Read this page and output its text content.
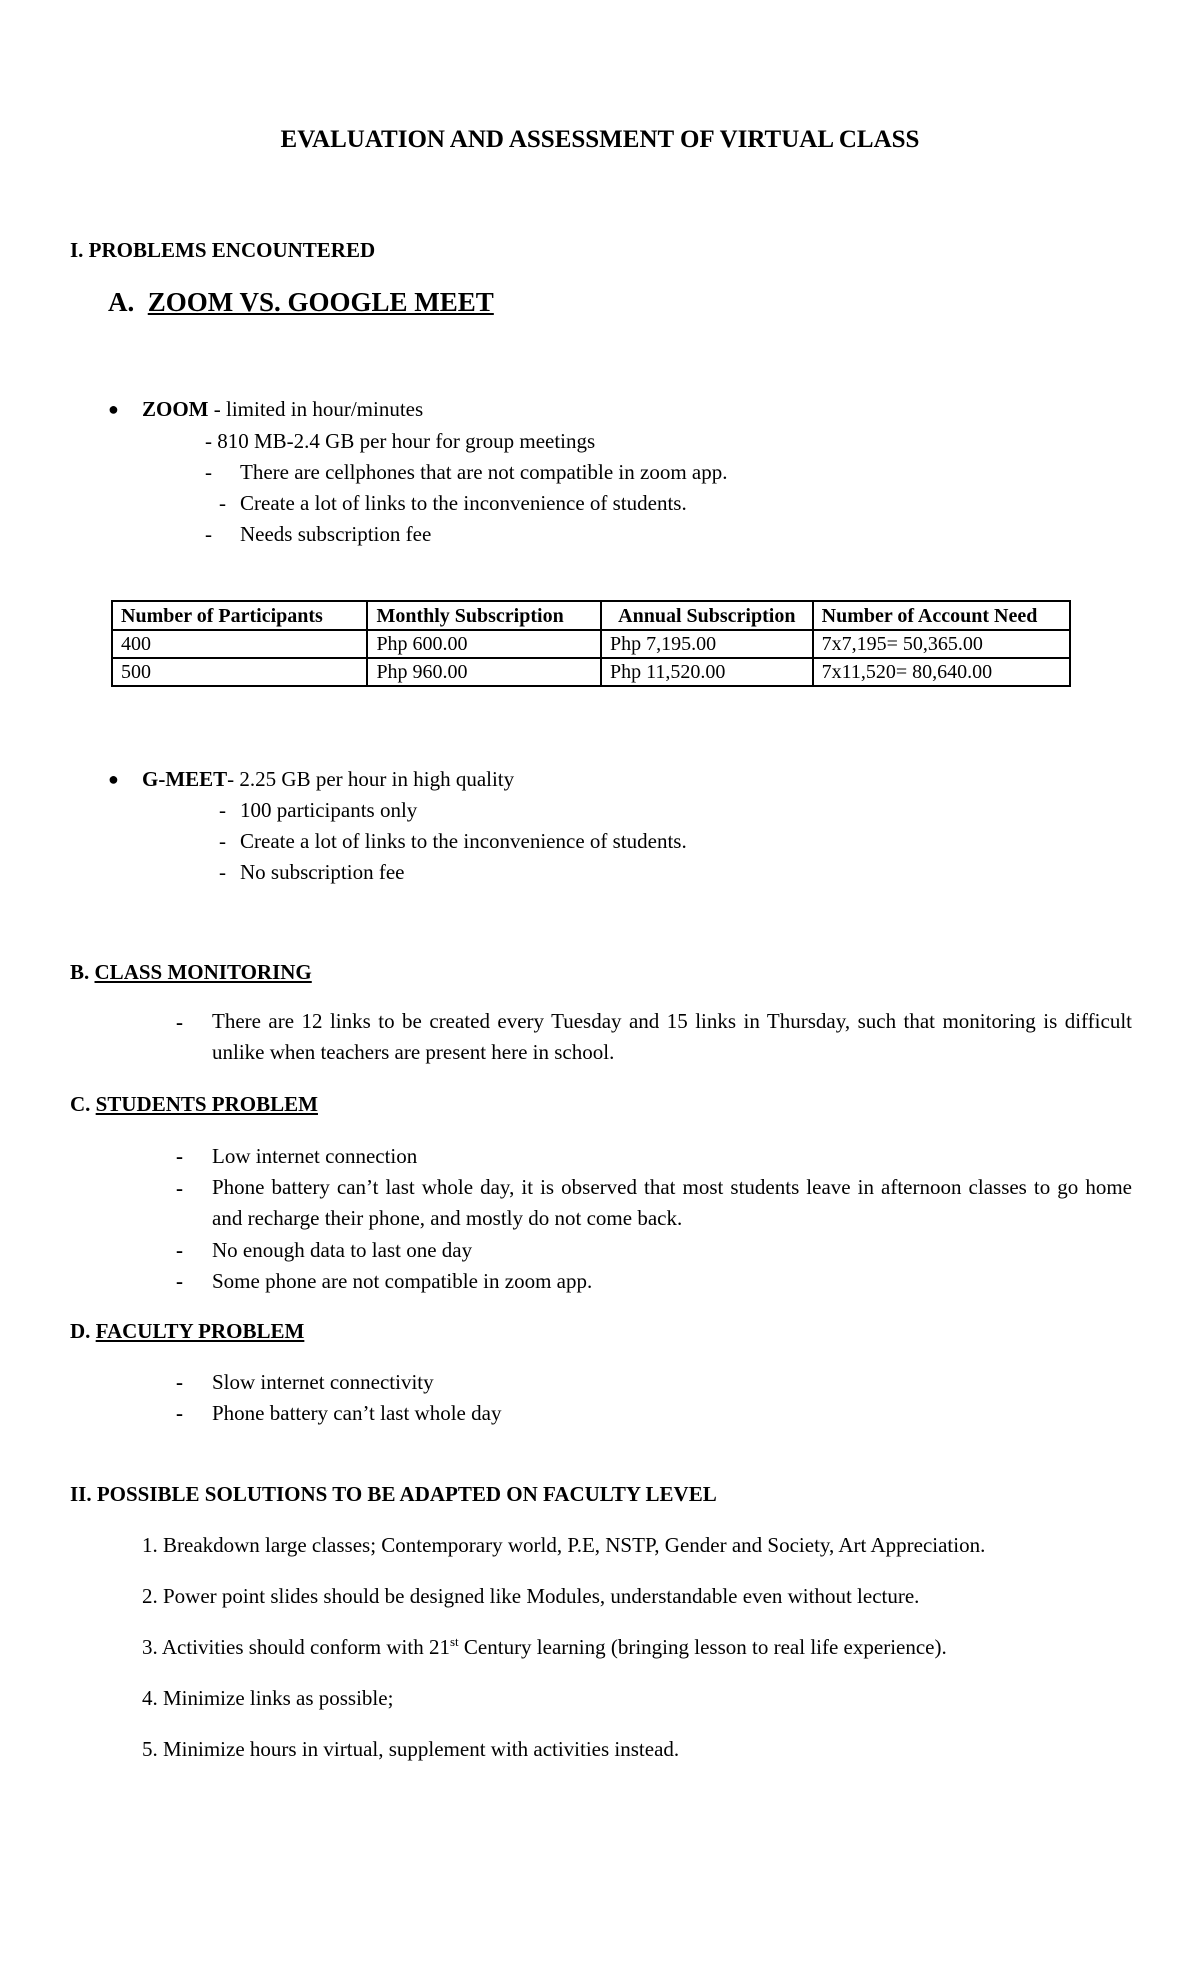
EVALUATION AND ASSESSMENT OF VIRTUAL CLASS
I. PROBLEMS ENCOUNTERED
A. ZOOM VS. GOOGLE MEET
● ZOOM - limited in hour/minutes
- 810 MB-2.4 GB per hour for group meetings
- There are cellphones that are not compatible in zoom app.
- Create a lot of links to the inconvenience of students.
- Needs subscription fee
Number of Participants	Monthly Subscription	Annual Subscription	Number of Account Need
400	Php 600.00	Php 7,195.00	7x7,195= 50,365.00
500	Php 960.00	Php 11,520.00	7x11,520= 80,640.00
● G-MEET- 2.25 GB per hour in high quality
- 100 participants only
- Create a lot of links to the inconvenience of students.
- No subscription fee
B. CLASS MONITORING
- There are 12 links to be created every Tuesday and 15 links in Thursday, such that monitoring is difficult unlike when teachers are present here in school.
C. STUDENTS PROBLEM
- Low internet connection
- Phone battery can’t last whole day, it is observed that most students leave in afternoon classes to go home and recharge their phone, and mostly do not come back.
- No enough data to last one day
- Some phone are not compatible in zoom app.
D. FACULTY PROBLEM
- Slow internet connectivity
- Phone battery can’t last whole day
II. POSSIBLE SOLUTIONS TO BE ADAPTED ON FACULTY LEVEL
1. Breakdown large classes; Contemporary world, P.E, NSTP, Gender and Society, Art Appreciation.
2. Power point slides should be designed like Modules, understandable even without lecture.
3. Activities should conform with 21st Century learning (bringing lesson to real life experience).
4. Minimize links as possible;
5. Minimize hours in virtual, supplement with activities instead.
